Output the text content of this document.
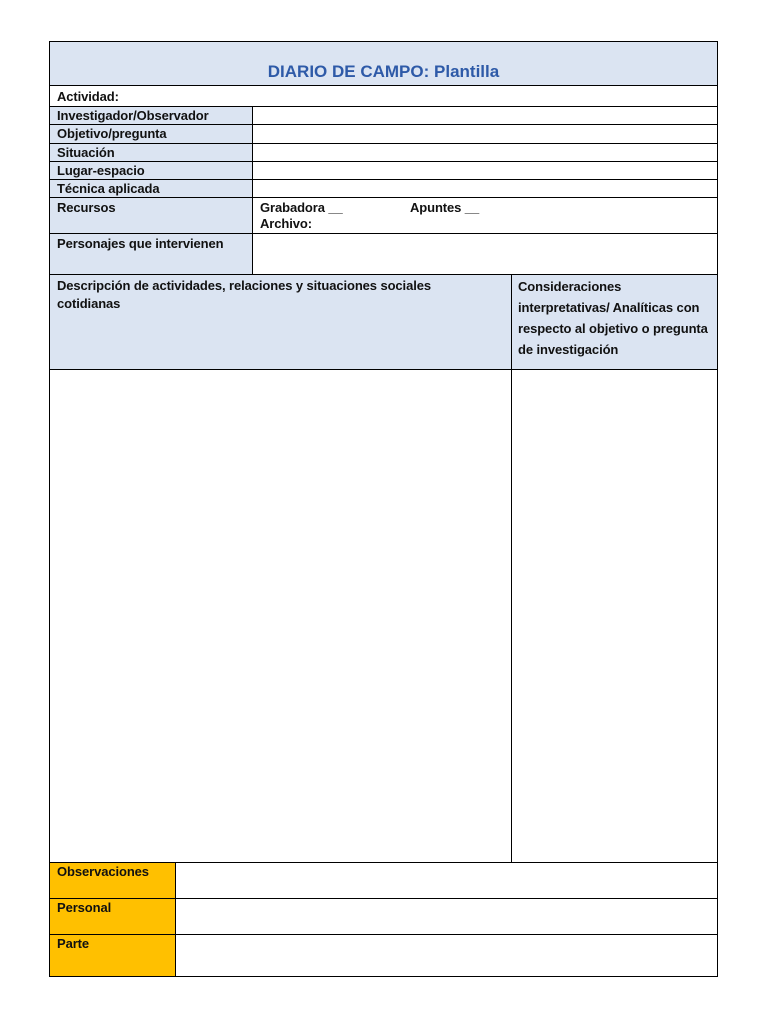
DIARIO DE CAMPO: Plantilla
Actividad:
Investigador/Observador
Objetivo/pregunta
Situación
Lugar-espacio
Técnica aplicada
Recursos
Personajes que intervienen
Grabadora __	Apuntes __
Archivo:
Descripción de actividades, relaciones y situaciones sociales cotidianas
Consideraciones interpretativas/ Analíticas con respecto al objetivo o pregunta de investigación
Observaciones
Personal
Parte
